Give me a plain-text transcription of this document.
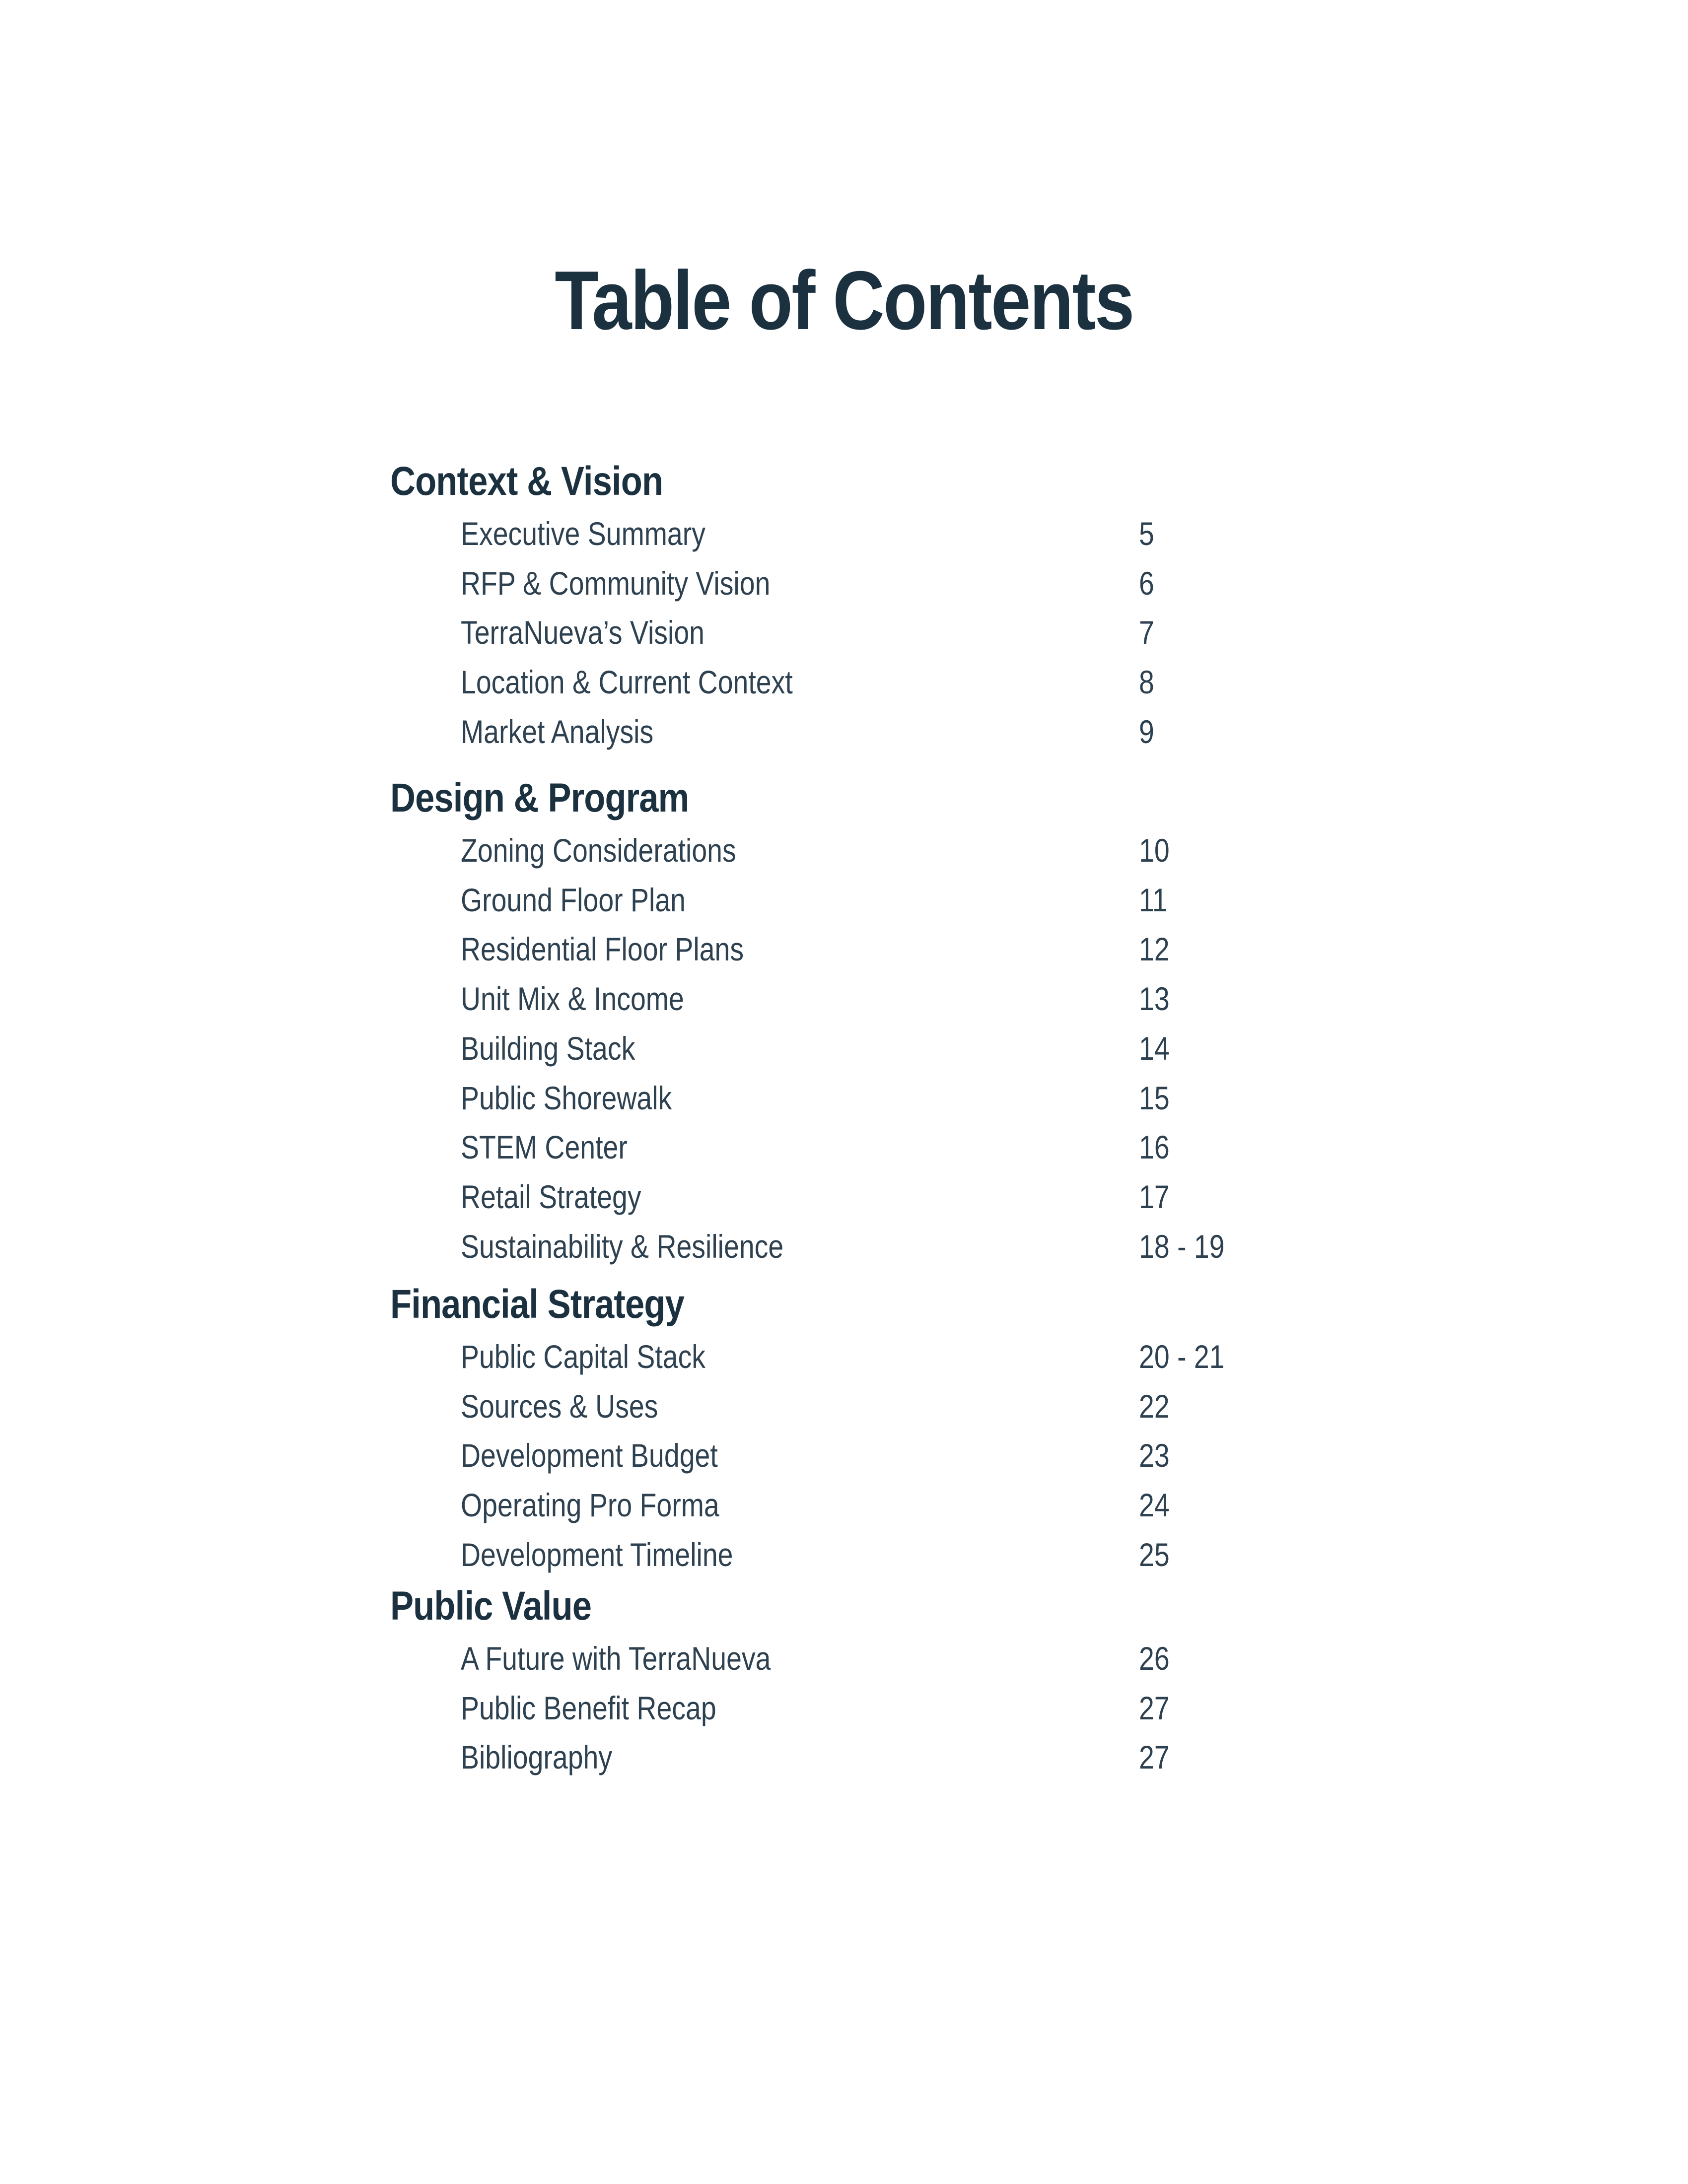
Table of Contents
Context & Vision
Executive Summary	5
RFP & Community Vision	6
TerraNueva’s Vision	7
Location & Current Context	8
Market Analysis	9
Design & Program
Zoning Considerations	10
Ground Floor Plan	11
Residential Floor Plans	12
Unit Mix & Income	13
Building Stack	14
Public Shorewalk	15
STEM Center	16
Retail Strategy	17
Sustainability & Resilience	18 - 19
Financial Strategy
Public Capital Stack	20 - 21
Sources & Uses	22
Development Budget	23
Operating Pro Forma	24
Development Timeline	25
Public Value
A Future with TerraNueva	26
Public Benefit Recap	27
Bibliography	27
